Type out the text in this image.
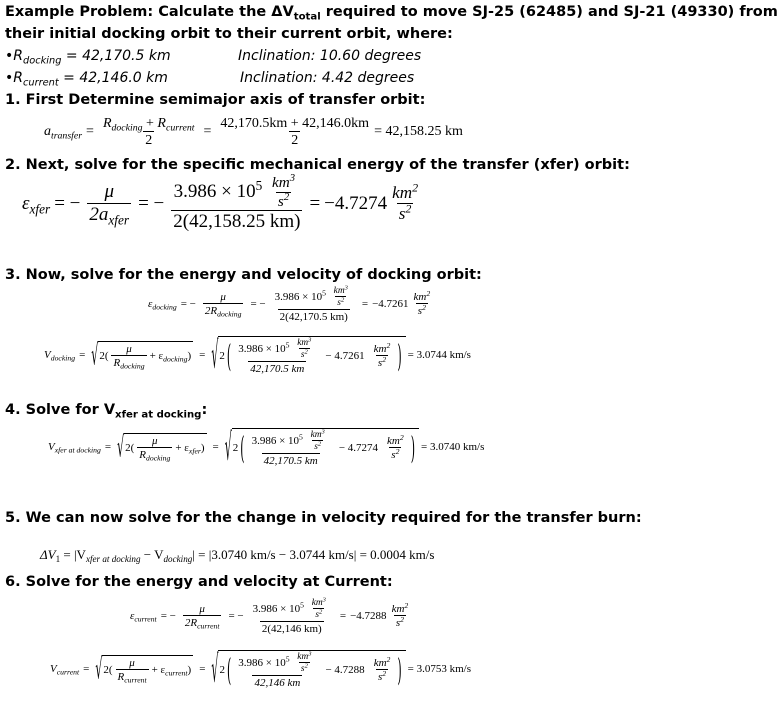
Example Problem: Calculate the $\Delta V_{total}$ required to move SJ-25 (62485) and SJ-21 (49330) from
their initial docking orbit to their current orbit, where:
$•R_{docking} = 42,170.5$ km	Inclination: 10.60 degrees
$•R_{current} = 42,146.0$ km	Inclination: 4.42 degrees
1. First Determine semimajor axis of transfer orbit:
$a_{transfer}$ =
$R_{docking} + R_{current}$
2
= $\frac{42,170.5km + 42,146.0km}{2} = 42,158.25$ km
2. Next, solve for the specific mechanical energy of the transfer (xfer) orbit:
$\varepsilon_{xfer}$ = −
μ
$2a_{xfer}$
= − $\frac{3.986 \times 10^5 \frac{km^3}{s^2}}{2(42,158.25 km)} = -4.7274$
$km^2$
$s^2$
3. Now, solve for the energy and velocity of docking orbit:
$\varepsilon_{docking}$ = −
μ
$2R_{docking}$
= − $\frac{3.986 \times 10^5 \frac{km^3}{s^2}}{2(42,170.5 km)} = -4.7261$
$km^2$
$s^2$
$V_{docking}$ = √ 2(
μ
$R_{docking}$
+ $\varepsilon_{docking}$ ) = √ 2 ( $3.986 \times 10^5 \frac{km^3}{s^2}$
42,170.5 km
− 4.7261
$km^2$
$s^2$ ) = 3.0744 km/s
4. Solve for $V_{xfer at docking}$:
$V_{xfer at docking}$ = √ 2(
μ
$R_{docking}$
+ $\varepsilon_{xfer}$ ) = √ 2 ( $3.986 \times 10^5 \frac{km^3}{s^2}$
42,170.5 km
− 4.7274
$km^2$
$s^2$ ) = 3.0740 km/s
5. We can now solve for the change in velocity required for the transfer burn:
$\Delta V_1 = |V_{xfer at docking} - V_{docking}| = |3.0740$ km/s − 3.0744 km/s| = 0.0004 km/s
6. Solve for the energy and velocity at Current:
$\varepsilon_{current}$ = −
μ
$2R_{current}$
= − $\frac{3.986 \times 10^5 \frac{km^3}{s^2}}{2(42,146 km)} = -4.7288$
$km^2$
$s^2$
$V_{current}$ = √ 2(
μ
$R_{current}$
+ $\varepsilon_{current}$ ) = √ 2 ( $3.986 \times 10^5 \frac{km^3}{s^2}$
42,146 km
− 4.7288
$km^2$
$s^2$ ) = 3.0753 km/s
